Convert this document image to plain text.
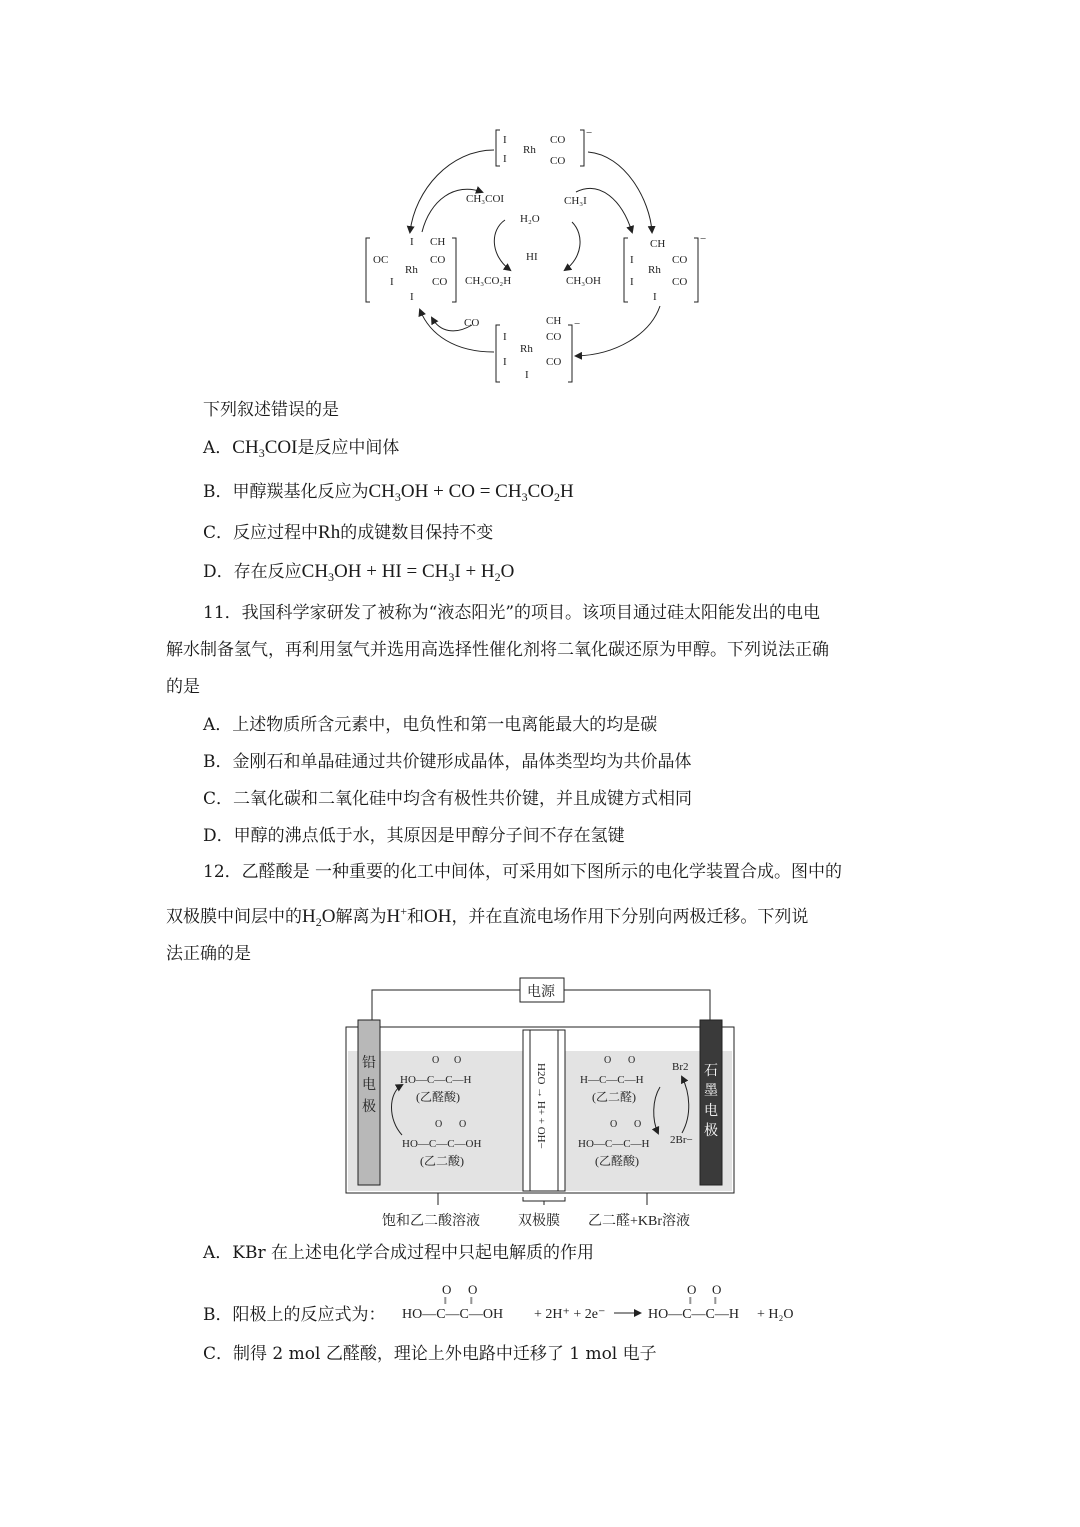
I
I
Rh
CO
CO
−
OC
I
Rh
I
I
CH
CO
CO
CH
I
Rh
CO
CO
I
I
−
I
Rh
I
I
CH
CO
CO
−
CH₃COI
H₂O
CH₃I
HI
CH₃CO₂H	CH₃OH
CO
下列叙述错误的是
A．$CH_3COI$是反应中间体
B．甲醇羰基化反应为$CH_3OH$ + CO = $CH_3CO_2H$
C．反应过程中Rh的成键数目保持不变
D．存在反应$CH_3OH$ + HI = $CH_3I + H_2O$
11．我国科学家研发了被称为“液态阳光”的项目。该项目通过硅太阳能发出的电电
解水制备氢气，再利用氢气并选用高选择性催化剂将二氧化碳还原为甲醇。下列说法正确
的是
A．上述物质所含元素中，电负性和第一电离能最大的均是碳
B．金刚石和单晶硅通过共价键形成晶体，晶体类型均为共价晶体
C．二氧化碳和二氧化硅中均含有极性共价键，并且成键方式相同
D．甲醇的沸点低于水，其原因是甲醇分子间不存在氢键
12．乙醛酸是 一种重要的化工中间体，可采用如下图所示的电化学装置合成。图中的
双极膜中间层中的$H_2O$解离为H+和OH，并在直流电场作用下分别向两极迁移。下列说
法正确的是
电源
H2O → H+ + OH−
铅
电
极
石
墨
电
极
O O
HO—C—C—H
(乙醛酸)
O O
HO—C—C—OH
(乙二酸)
O O
H—C—C—H
(乙二醛)
O O
HO—C—C—H
(乙醛酸)
Br2
2Br−
饱和乙二酸溶液	双极膜 乙二醛+KBr溶液
A．KBr 在上述电化学合成过程中只起电解质的作用
B．阳极上的反应式为：
O O
‖ ‖
HO—C—C—OH + 2H⁺ + 2e⁻
O O
‖ ‖
HO—C—C—H + H₂O
C．制得 2 mol 乙醛酸，理论上外电路中迁移了 1 mol 电子
